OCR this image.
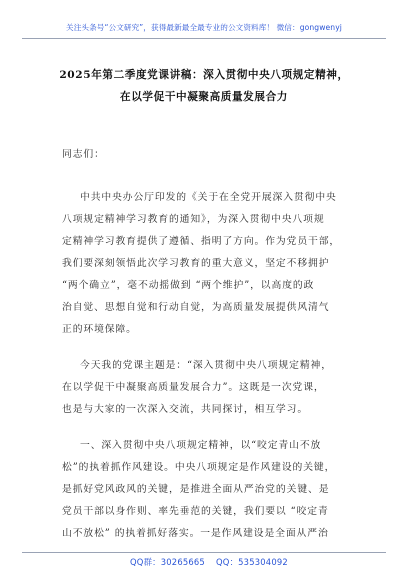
关注头条号“公文研究”，获得最新最全最专业的公文资料库！ 微信：gongwenyj
2025年第二季度党课讲稿：深入贯彻中央八项规定精神，
在以学促干中凝聚高质量发展合力
同志们：
中共中央办公厅印发的《关于在全党开展深入贯彻中央
八项规定精神学习教育的通知》，为深入贯彻中央八项规
定精神学习教育提供了遵循、指明了方向。作为党员干部，
我们要深刻领悟此次学习教育的重大意义，坚定不移拥护
“两个确立”，毫不动摇做到 “两个维护”，以高度的政
治自觉、思想自觉和行动自觉，为高质量发展提供风清气
正的环境保障。
今天我的党课主题是：“深入贯彻中央八项规定精神，
在以学促干中凝聚高质量发展合力”。这既是一次党课，
也是与大家的一次深入交流，共同探讨，相互学习。
一、深入贯彻中央八项规定精神，以“咬定青山不放
松”的执着抓作风建设。中央八项规定是作风建设的关键，
是抓好党风政风的关键，是推进全面从严治党的关键、是
党员干部以身作则、率先垂范的关键，我们要以 “咬定青
山不放松” 的执着抓好落实。一是作风建设是全面从严治
QQ群：30265665 QQ：535304092
